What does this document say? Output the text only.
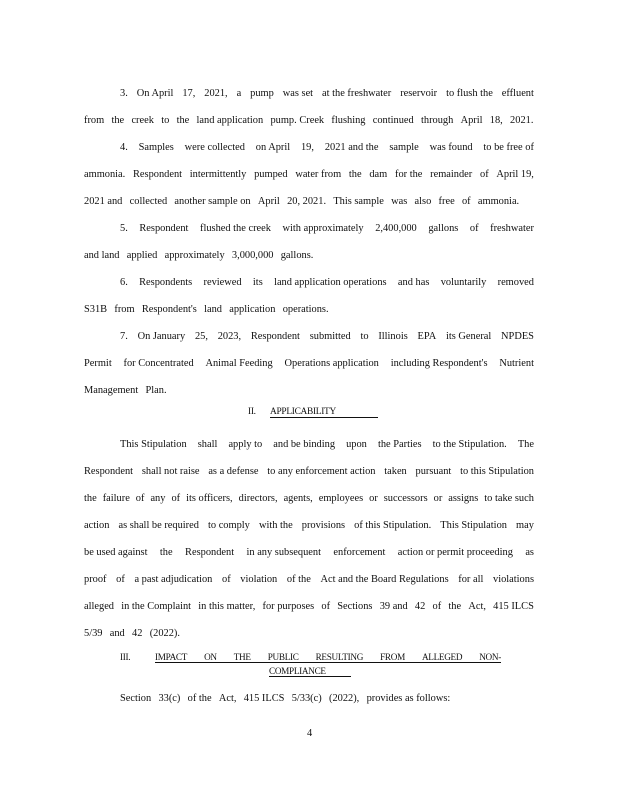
3. On April 17, 2021, a pump was set at the freshwater reservoir to flush the effluent
from the creek to the land application pump. Creek flushing continued through April 18, 2021.
4. Samples were collected on April 19, 2021 and the sample was found to be free of
ammonia. Respondent intermittently pumped water from the dam for the remainder of April 19,
2021 and collected another sample on April 20, 2021. This sample was also free of ammonia.
5. Respondent flushed the creek with approximately 2,400,000 gallons of freshwater
and land applied approximately 3,000,000 gallons.
6. Respondents reviewed its land application operations and has voluntarily removed
S31B from Respondent's land application operations.
7. On January 25, 2023, Respondent submitted to Illinois EPA its General NPDES
Permit for Concentrated Animal Feeding Operations application including Respondent's Nutrient
Management Plan.
This Stipulation shall apply to and be binding upon the Parties to the Stipulation. The
Respondent shall not raise as a defense to any enforcement action taken pursuant to this Stipulation
the failure of any of its officers, directors, agents, employees or successors or assigns to take such
action as shall be required to comply with the provisions of this Stipulation. This Stipulation may
be used against the Respondent in any subsequent enforcement action or permit proceeding as
proof of a past adjudication of violation of the Act and the Board Regulations for all violations
alleged in the Complaint in this matter, for purposes of Sections 39 and 42 of the Act, 415 ILCS
5/39 and 42 (2022).
Section 33(c) of the Act, 415 ILCS 5/33(c) (2022), provides as follows:
II. APPLICABILITY
III.	IMPACT ON THE PUBLIC RESULTING FROM ALLEGED NON-
COMPLIANCE
4
